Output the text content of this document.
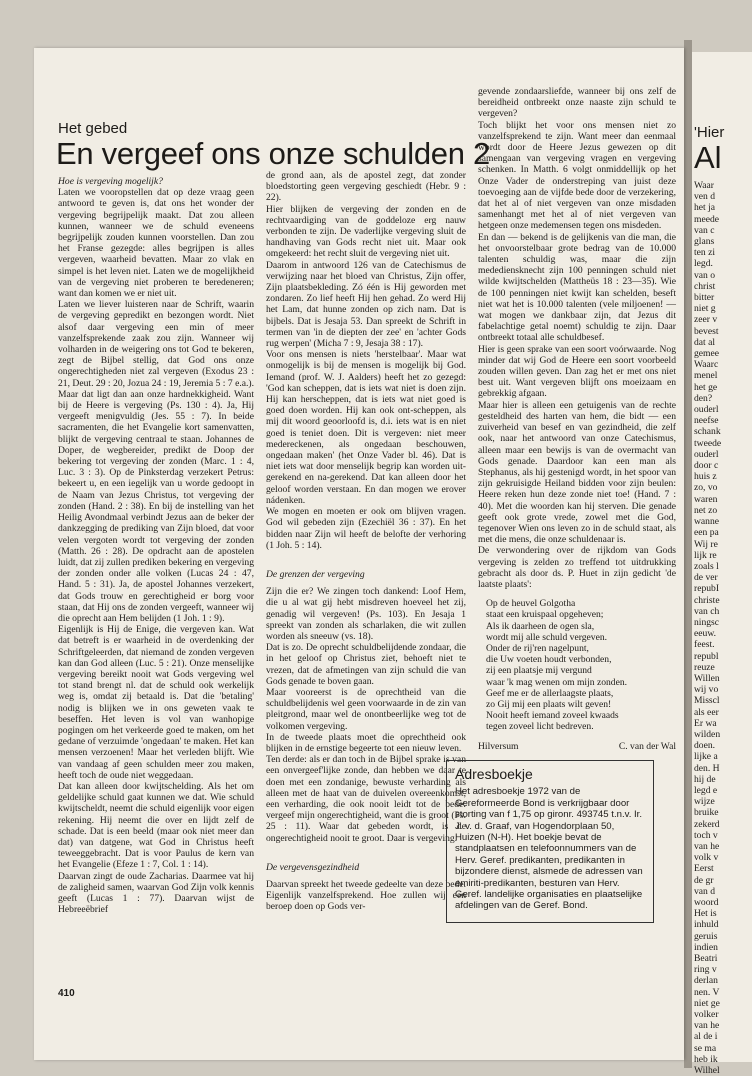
Het gebed
En vergeef ons onze schulden 2

Hoe is vergeving mogelijk?

Laten we vooropstellen dat op deze vraag geen antwoord te geven is, dat ons het wonder der vergeving begrijpelijk maakt. Dat zou alleen kunnen, wanneer we de schuld eveneens begrijpelijk zouden kunnen voorstellen. Dan zou het Franse gezegde: alles begrijpen is alles vergeven, waarheid bevatten. Maar zo vlak en simpel is het leven niet. Laten we de mogelijkheid van de vergeving niet proberen te beredeneren; want dan komen we er niet uit.

Laten we liever luisteren naar de Schrift, waarin de vergeving gepredikt en bezongen wordt. Niet alsof daar vergeving een min of meer vanzelfsprekende zaak zou zijn. Wanneer wij volharden in de weigering ons tot God te bekeren, zegt de Bijbel stellig, dat God ons onze ongerechtigheden niet zal vergeven (Exodus 23 : 21, Deut. 29 : 20, Jozua 24 : 19, Jeremia 5 : 7 e.a.). Maar dat ligt dan aan onze hardnekkigheid. Want bij de Heere is vergeving (Ps. 130 : 4). Ja, Hij vergeeft menigvuldig (Jes. 55 : 7). In beide sacramenten, die het Evangelie kort samenvatten, blijkt de vergeving centraal te staan. Johannes de Doper, de wegbereider, predikt de Doop der bekering tot vergeving der zonden (Marc. 1 : 4, Luc. 3 : 3). Op de Pinksterdag verzekert Petrus: bekeert u, en een iegelijk van u worde gedoopt in de Naam van Jezus Christus, tot vergeving der zonden (Hand. 2 : 38). En bij de instelling van het Heilig Avondmaal verbindt Jezus aan de beker der dankzegging de prediking van Zijn bloed, dat voor velen vergoten wordt tot vergeving der zonden (Matth. 26 : 28). De opdracht aan de apostelen luidt, dat zij zullen prediken bekering en vergeving der zonden onder alle volken (Lucas 24 : 47, Hand. 5 : 31). Ja, de apostel Johannes verzekert, dat Gods trouw en gerechtigheid er borg voor staan, dat Hij ons de zonden vergeeft, wanneer wij die oprecht aan Hem belijden (1 Joh. 1 : 9).

Eigenlijk is Hij de Enige, die vergeven kan. Wat dat betreft is er waarheid in de overdenking der Schriftgeleerden, dat niemand de zonden vergeven kan dan God alleen (Luc. 5 : 21). Onze menselijke vergeving bereikt nooit wat Gods vergeving wel tot stand brengt nl. dat de schuld ook werkelijk weg is, omdat zij betaald is. Dat die 'betaling' nodig is blijken we in ons geweten vaak te beseffen. Het leven is vol van wanhopige pogingen om het verkeerde goed te maken, om het gedane of verzuimde 'ongedaan' te maken. Het kan mensen verzoenen! Maar het verleden blijft. Wie van vandaag af geen schulden meer zou maken, heeft toch de oude niet weggedaan.

Dat kan alleen door kwijtschelding. Als het om geldelijke schuld gaat kunnen we dat. Wie schuld kwijtscheldt, neemt die schuld eigenlijk voor eigen rekening. Hij neemt die over en lijdt zelf de schade. Dat is een beeld (maar ook niet meer dan dat) van datgene, wat God in Christus heeft teweeggebracht. Dat is voor Paulus de kern van het Evangelie (Efeze 1 : 7, Col. 1 : 14).

Daarvan zingt de oude Zacharias. Daarmee vat hij de zaligheid samen, waarvan God Zijn volk kennis geeft (Lucas 1 : 77). Daarvan wijst de Hebreeëbrief

de grond aan, als de apostel zegt, dat zonder bloedstorting geen vergeving geschiedt (Hebr. 9 : 22).

Hier blijken de vergeving der zonden en de rechtvaardiging van de goddeloze erg nauw verbonden te zijn. De vaderlijke vergeving sluit de handhaving van Gods recht niet uit. Maar ook omgekeerd: het recht sluit de vergeving niet uit.

Daarom in antwoord 126 van de Catechismus de verwijzing naar het bloed van Christus, Zijn offer, Zijn plaatsbekleding. Zó één is Hij geworden met zondaren. Zo lief heeft Hij hen gehad. Zo werd Hij het Lam, dat hunne zonden op zich nam. Dat is bijbels. Dat is Jesaja 53. Dan spreekt de Schrift in termen van 'in de diepten der zee' en 'achter Gods rug werpen' (Micha 7 : 9, Jesaja 38 : 17).

Voor ons mensen is niets 'herstelbaar'. Maar wat onmogelijk is bij de mensen is mogelijk bij God. Iemand (prof. W. J. Aalders) heeft het zo gezegd: 'God kan scheppen, dat is iets wat niet is doen zijn. Hij kan herscheppen, dat is iets wat niet goed is goed doen worden. Hij kan ook ont-scheppen, als mij dit woord geoorloofd is, d.i. iets wat is en niet goed is teniet doen. Dit is vergeven: niet meer medereckenen, als ongedaan beschouwen, ongedaan maken' (het Onze Vader bl. 46). Dat is niet iets wat door menselijk begrip kan worden uit-gerekend en na-gerekend. Dat kan alleen door het geloof worden verstaan. En dan mogen we erover nádenken.

We mogen en moeten er ook om blijven vragen. God wil gebeden zijn (Ezechiël 36 : 37). En het bidden naar Zijn wil heeft de belofte der verhoring (1 Joh. 5 : 14).

De grenzen der vergeving

Zijn die er? We zingen toch dankend: Loof Hem, die u al wat gij hebt misdreven hoeveel het zij, genadig wil vergeven! (Ps. 103). En Jesaja 1 spreekt van zonden als scharlaken, die wit zullen worden als sneeuw (vs. 18).

Dat is zo. De oprecht schuldbelijdende zondaar, die in het geloof op Christus ziet, behoeft niet te vrezen, dat de afmetingen van zijn schuld die van Gods genade te boven gaan.

Maar vooreerst is de oprechtheid van die schuldbelijdenis wel geen voorwaarde in de zin van pleitgrond, maar wel de onontbeerlijke weg tot de volkomen vergeving.

In de tweede plaats moet die oprechtheid ook blijken in de ernstige begeerte tot een nieuw leven.

Ten derde: als er dan toch in de Bijbel sprake is van een onvergeef'lijke zonde, dan hebben we daar te doen met een zondanige, bewuste verharding als alleen met de haat van de duivelen overeenkomst, een verharding, die ook nooit leidt tot de bede: vergeef mijn ongerechtigheid, want die is groot (Ps. 25 : 11). Waar dat gebeden wordt, is de ongerechtigheid nooit te groot. Daar is vergeving.

De vergevensgezindheid

Daarvan spreekt het tweede gedeelte van deze bede. Eigenlijk vanzelfsprekend. Hoe zullen wij een beroep doen op Gods ver-

gevende zondaarsliefde, wanneer bij ons zelf de bereidheid ontbreekt onze naaste zijn schuld te vergeven?

Toch blijkt het voor ons mensen niet zo vanzelfsprekend te zijn. Want meer dan eenmaal wordt door de Heere Jezus gewezen op dit samengaan van vergeving vragen en vergeving schenken. In Matth. 6 volgt onmiddellijk op het Onze Vader de onderstreping van juist deze toevoeging aan de vijfde bede door de verzekering, dat het al of niet vergeven van onze misdaden samenhangt met het al of niet vergeven van hetgeen onze medemensen tegen ons misdeden.

En dan — bekend is de gelijkenis van die man, die het onvoorstelbaar grote bedrag van de 10.000 talenten schuldig was, maar die zijn medediensknecht zijn 100 penningen schuld niet wilde kwijtschelden (Mattheüs 18 : 23—35). Wie de 100 penningen niet kwijt kan schelden, beseft niet wat het is 10.000 talenten (vele miljoenen! — wat mogen we dankbaar zijn, dat Jezus dit fabelachtige getal noemt) schuldig te zijn. Daar ontbreekt totaal alle schuldbesef.

Hier is geen sprake van een soort voórwaarde. Nog minder dat wij God de Heere een soort voorbeeld zouden willen geven. Dan zag het er met ons niet best uit. Want vergeven blijft ons moeizaam en gebrekkig afgaan.

Maar hier is alleen een getuigenis van de rechte gesteldheid des harten van hem, die bidt — een zuiverheid van besef en van gezindheid, die zelf ook, naar het antwoord van onze Catechismus, alleen maar een bewijs is van de overmacht van Gods genade. Daardoor kan een man als Stephanus, als hij gestenigd wordt, in het spoor van zijn gekruisigde Heiland bidden voor zijn beulen: Heere reken hun deze zonde niet toe! (Hand. 7 : 40). Met die woorden kan hij sterven. Die genade geeft ook grote vrede, zowel met die God, tegenover Wien ons leven zo in de schuld staat, als met die mens, die onze schuldenaar is.

De verwondering over de rijkdom van Gods vergeving is zelden zo treffend tot uitdrukking gebracht als door ds. P. Huet in zijn gedicht 'de laatste plaats':

Op de heuvel Golgotha
staat een kruispaal opgeheven;
Als ik daarheen de ogen sla,
wordt mij alle schuld vergeven.
Onder de rij'ren nagelpunt,
die Uw voeten houdt verbonden,
zij een plaatsje mij vergund
waar 'k mag wenen om mijn zonden.
Geef me er de allerlaagste plaats,
zo Gij mij een plaats wilt geven!
Nooit heeft iemand zoveel kwaads
tegen zoveel licht bedreven.
Hilversum	C. van der Wal
Adresboekje
Het adresboekje 1972 van de Gereformeerde Bond is verkrijgbaar door storting van f 1,75 op gironr. 493745 t.n.v. Ir. J. v. d. Graaf, van Hogendorplaan 50, Huizen (N-H). Het boekje bevat de standplaatsen en telefoonnummers van de Herv. Geref. predikanten, predikanten in bijzondere dienst, alsmede de adressen van emiriti-predikanten, besturen van Herv. Geref. landelijke organisaties en plaatselijke afdelingen van de Geref. Bond.
410
'Hier
Al
Waar
ven d
het ja
meede
van c
glans
ten zi
legd.
van o
christ
bitter
niet g
zeer v
bevest
dat al
gemee
Waarc
menel
het ge
den?
ouderl
neefse
schank
tweede
ouderl
door c
huis z
zo, vo
waren
net zo
wanne
een pa
Wij re
lijk re
zoals l
de ver
repubI
christe
van ch
ningsc
eeuw.
feest.
republ
reuze
Willen
wij vo
Misscl
als eer
Er wa
wilden
doen.
lijke a
den. H
hij de
legd e
wijze
bruike
zekerd
toch v
van he
volk v
Eerst
de gr
van d
woord
Het is
inhuld
geruis
indien
Beatri
ring v
derlan
nen. V
niet ge
volker
van he
al de i
se ma
heb ik
Wilhel
